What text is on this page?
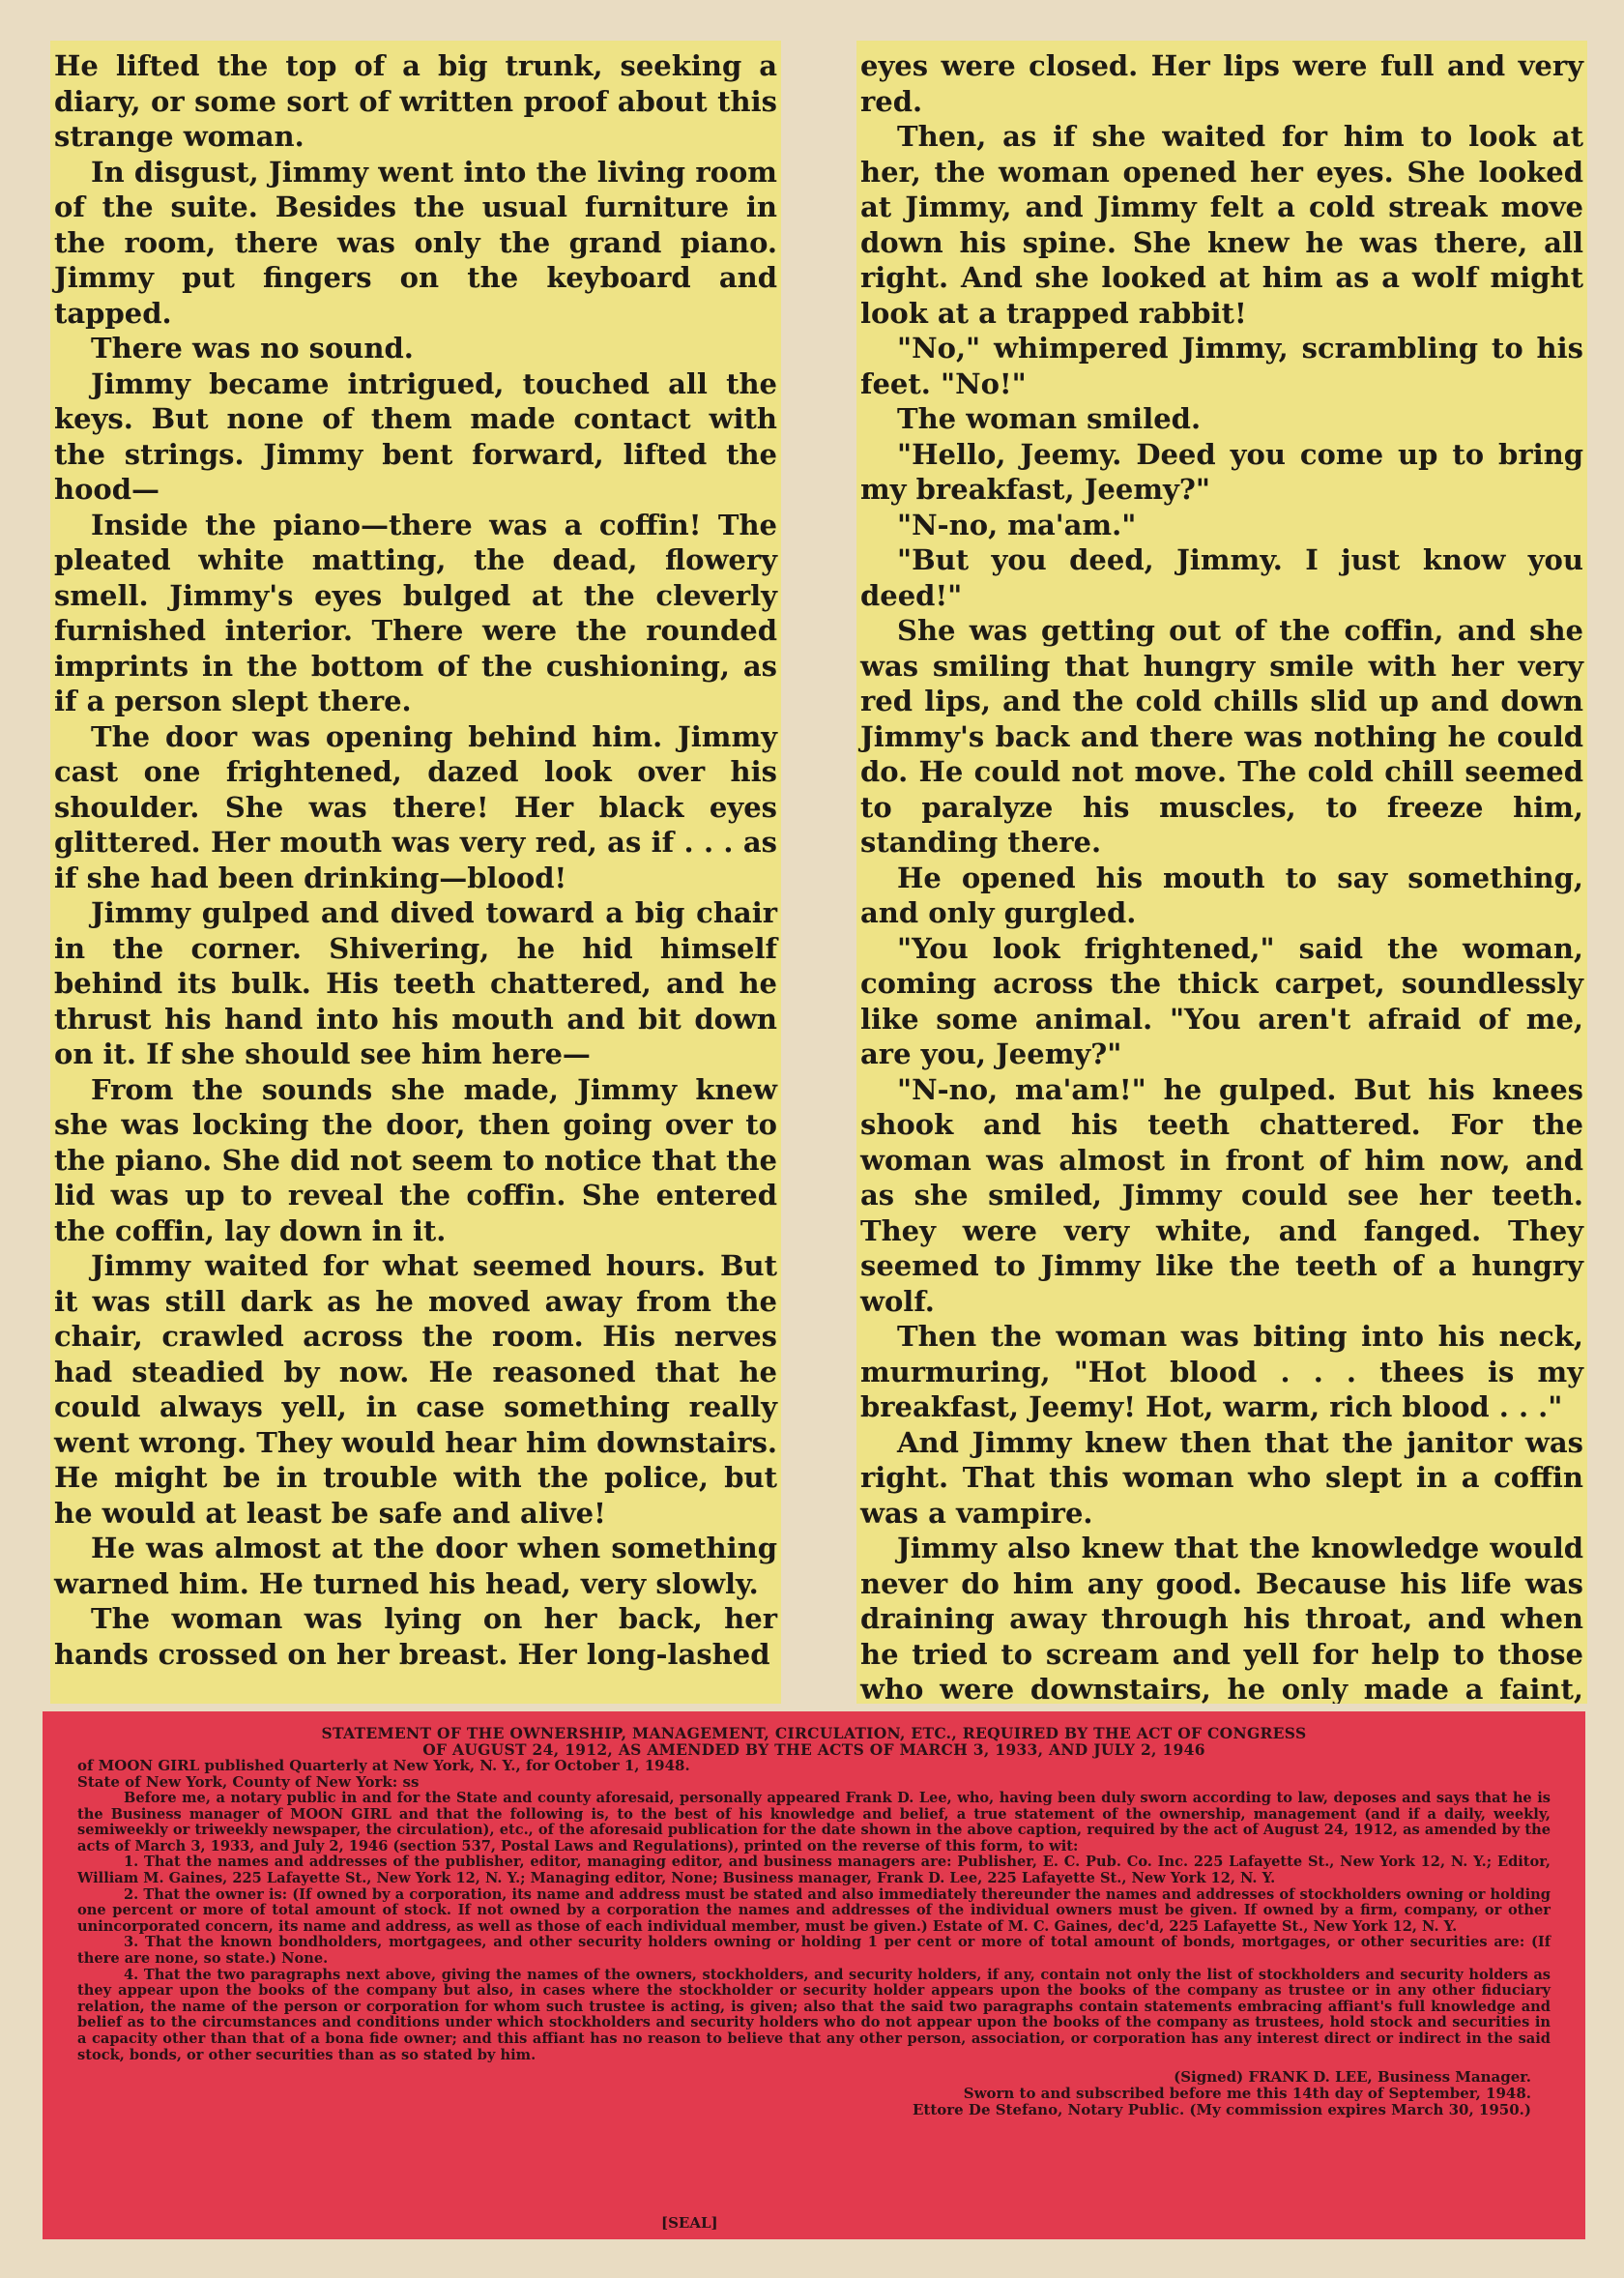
He lifted the top of a big trunk, seeking a diary, or some sort of written proof about this strange woman.

In disgust, Jimmy went into the living room of the suite. Besides the usual furniture in the room, there was only the grand piano. Jimmy put fingers on the keyboard and tapped.

There was no sound.

Jimmy became intrigued, touched all the keys. But none of them made contact with the strings. Jimmy bent forward, lifted the hood—

Inside the piano—there was a coffin! The pleated white matting, the dead, flowery smell. Jimmy's eyes bulged at the cleverly furnished interior. There were the rounded imprints in the bottom of the cushioning, as if a person slept there.

The door was opening behind him. Jimmy cast one frightened, dazed look over his shoulder. She was there! Her black eyes glittered. Her mouth was very red, as if . . . as if she had been drinking—blood!

Jimmy gulped and dived toward a big chair in the corner. Shivering, he hid himself behind its bulk. His teeth chattered, and he thrust his hand into his mouth and bit down on it. If she should see him here—

From the sounds she made, Jimmy knew she was locking the door, then going over to the piano. She did not seem to notice that the lid was up to reveal the coffin. She entered the coffin, lay down in it.

Jimmy waited for what seemed hours. But it was still dark as he moved away from the chair, crawled across the room. His nerves had steadied by now. He reasoned that he could always yell, in case something really went wrong. They would hear him downstairs. He might be in trouble with the police, but he would at least be safe and alive!

He was almost at the door when something warned him. He turned his head, very slowly.

The woman was lying on her back, her hands crossed on her breast. Her long-lashed

eyes were closed. Her lips were full and very red.

Then, as if she waited for him to look at her, the woman opened her eyes. She looked at Jimmy, and Jimmy felt a cold streak move down his spine. She knew he was there, all right. And she looked at him as a wolf might look at a trapped rabbit!

"No," whimpered Jimmy, scrambling to his feet. "No!"

The woman smiled.

"Hello, Jeemy. Deed you come up to bring my breakfast, Jeemy?"

"N-no, ma'am."

"But you deed, Jimmy. I just know you deed!"

She was getting out of the coffin, and she was smiling that hungry smile with her very red lips, and the cold chills slid up and down Jimmy's back and there was nothing he could do. He could not move. The cold chill seemed to paralyze his muscles, to freeze him, standing there.

He opened his mouth to say something, and only gurgled.

"You look frightened," said the woman, coming across the thick carpet, soundlessly like some animal. "You aren't afraid of me, are you, Jeemy?"

"N-no, ma'am!" he gulped. But his knees shook and his teeth chattered. For the woman was almost in front of him now, and as she smiled, Jimmy could see her teeth. They were very white, and fanged. They seemed to Jimmy like the teeth of a hungry wolf.

Then the woman was biting into his neck, murmuring, "Hot blood . . . thees is my breakfast, Jeemy! Hot, warm, rich blood . . ."

And Jimmy knew then that the janitor was right. That this woman who slept in a coffin was a vampire.

Jimmy also knew that the knowledge would never do him any good. Because his life was draining away through his throat, and when he tried to scream and yell for help to those who were downstairs, he only made a faint,

STATEMENT OF THE OWNERSHIP, MANAGEMENT, CIRCULATION, ETC., REQUIRED BY THE ACT OF CONGRESS
OF AUGUST 24, 1912, AS AMENDED BY THE ACTS OF MARCH 3, 1933, AND JULY 2, 1946
of MOON GIRL published Quarterly at New York, N. Y., for October 1, 1948.
State of New York, County of New York: ss

Before me, a notary public in and for the State and county aforesaid, personally appeared Frank D. Lee, who, having been duly sworn according to law, deposes and says that he is the Business manager of MOON GIRL and that the following is, to the best of his knowledge and belief, a true statement of the ownership, management (and if a daily, weekly, semiweekly or triweekly newspaper, the circulation), etc., of the aforesaid publication for the date shown in the above caption, required by the act of August 24, 1912, as amended by the acts of March 3, 1933, and July 2, 1946 (section 537, Postal Laws and Regulations), printed on the reverse of this form, to wit:

1. That the names and addresses of the publisher, editor, managing editor, and business managers are: Publisher, E. C. Pub. Co. Inc. 225 Lafayette St., New York 12, N. Y.; Editor, William M. Gaines, 225 Lafayette St., New York 12, N. Y.; Managing editor, None; Business manager, Frank D. Lee, 225 Lafayette St., New York 12, N. Y.

2. That the owner is: (If owned by a corporation, its name and address must be stated and also immediately thereunder the names and addresses of stockholders owning or holding one percent or more of total amount of stock. If not owned by a corporation the names and addresses of the individual owners must be given. If owned by a firm, company, or other unincorporated concern, its name and address, as well as those of each individual member, must be given.) Estate of M. C. Gaines, dec'd, 225 Lafayette St., New York 12, N. Y.

3. That the known bondholders, mortgagees, and other security holders owning or holding 1 per cent or more of total amount of bonds, mortgages, or other securities are: (If there are none, so state.) None.

4. That the two paragraphs next above, giving the names of the owners, stockholders, and security holders, if any, contain not only the list of stockholders and security holders as they appear upon the books of the company but also, in cases where the stockholder or security holder appears upon the books of the company as trustee or in any other fiduciary relation, the name of the person or corporation for whom such trustee is acting, is given; also that the said two paragraphs contain statements embracing affiant's full knowledge and belief as to the circumstances and conditions under which stockholders and security holders who do not appear upon the books of the company as trustees, hold stock and securities in a capacity other than that of a bona fide owner; and this affiant has no reason to believe that any other person, association, or corporation has any interest direct or indirect in the said stock, bonds, or other securities than as so stated by him.

(Signed) FRANK D. LEE, Business Manager.
Sworn to and subscribed before me this 14th day of September, 1948.
Ettore De Stefano, Notary Public. (My commission expires March 30, 1950.)
[SEAL]
